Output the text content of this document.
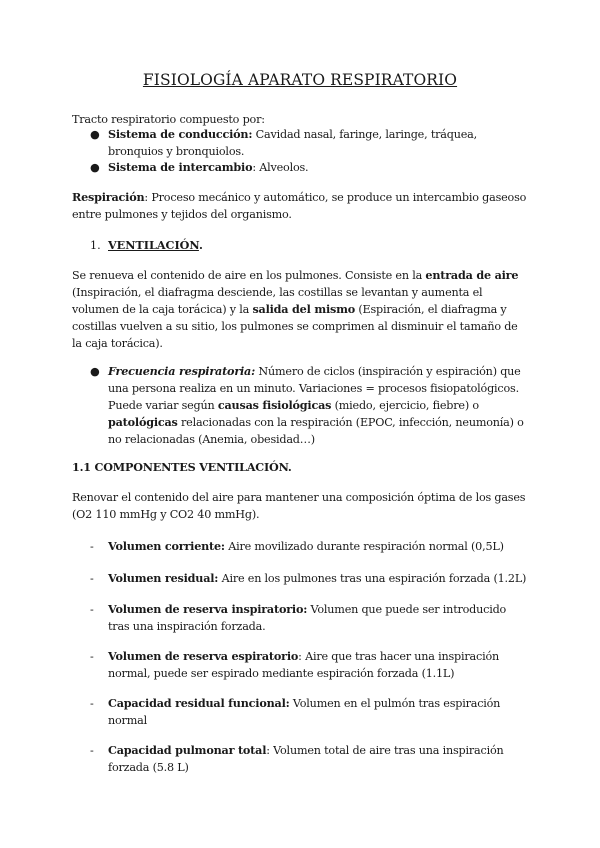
FISIOLOGÍA APARATO RESPIRATORIO
Tracto respiratorio compuesto por:
● Sistema de conducción: Cavidad nasal, faringe, laringe, tráquea, bronquios y bronquiolos.
● Sistema de intercambio: Alveolos.
Respiración: Proceso mecánico y automático, se produce un intercambio gaseoso entre pulmones y tejidos del organismo.
1. VENTILACIÓN.
Se renueva el contenido de aire en los pulmones. Consiste en la entrada de aire (Inspiración, el diafragma desciende, las costillas se levantan y aumenta el volumen de la caja torácica) y la salida del mismo (Espiración, el diafragma y costillas vuelven a su sitio, los pulmones se comprimen al disminuir el tamaño de la caja torácica).
● Frecuencia respiratoria: Número de ciclos (inspiración y espiración) que una persona realiza en un minuto. Variaciones = procesos fisiopatológicos. Puede variar según causas fisiológicas (miedo, ejercicio, fiebre) o patológicas relacionadas con la respiración (EPOC, infección, neumonía) o no relacionadas (Anemia, obesidad…)
1.1 COMPONENTES VENTILACIÓN.
Renovar el contenido del aire para mantener una composición óptima de los gases (O2 110 mmHg y CO2 40 mmHg).
- Volumen corriente: Aire movilizado durante respiración normal (0,5L)
- Volumen residual: Aire en los pulmones tras una espiración forzada (1.2L)
- Volumen de reserva inspiratorio: Volumen que puede ser introducido tras una inspiración forzada.
- Volumen de reserva espiratorio: Aire que tras hacer una inspiración normal, puede ser espirado mediante espiración forzada (1.1L)
- Capacidad residual funcional: Volumen en el pulmón tras espiración normal
- Capacidad pulmonar total: Volumen total de aire tras una inspiración forzada (5.8 L)
